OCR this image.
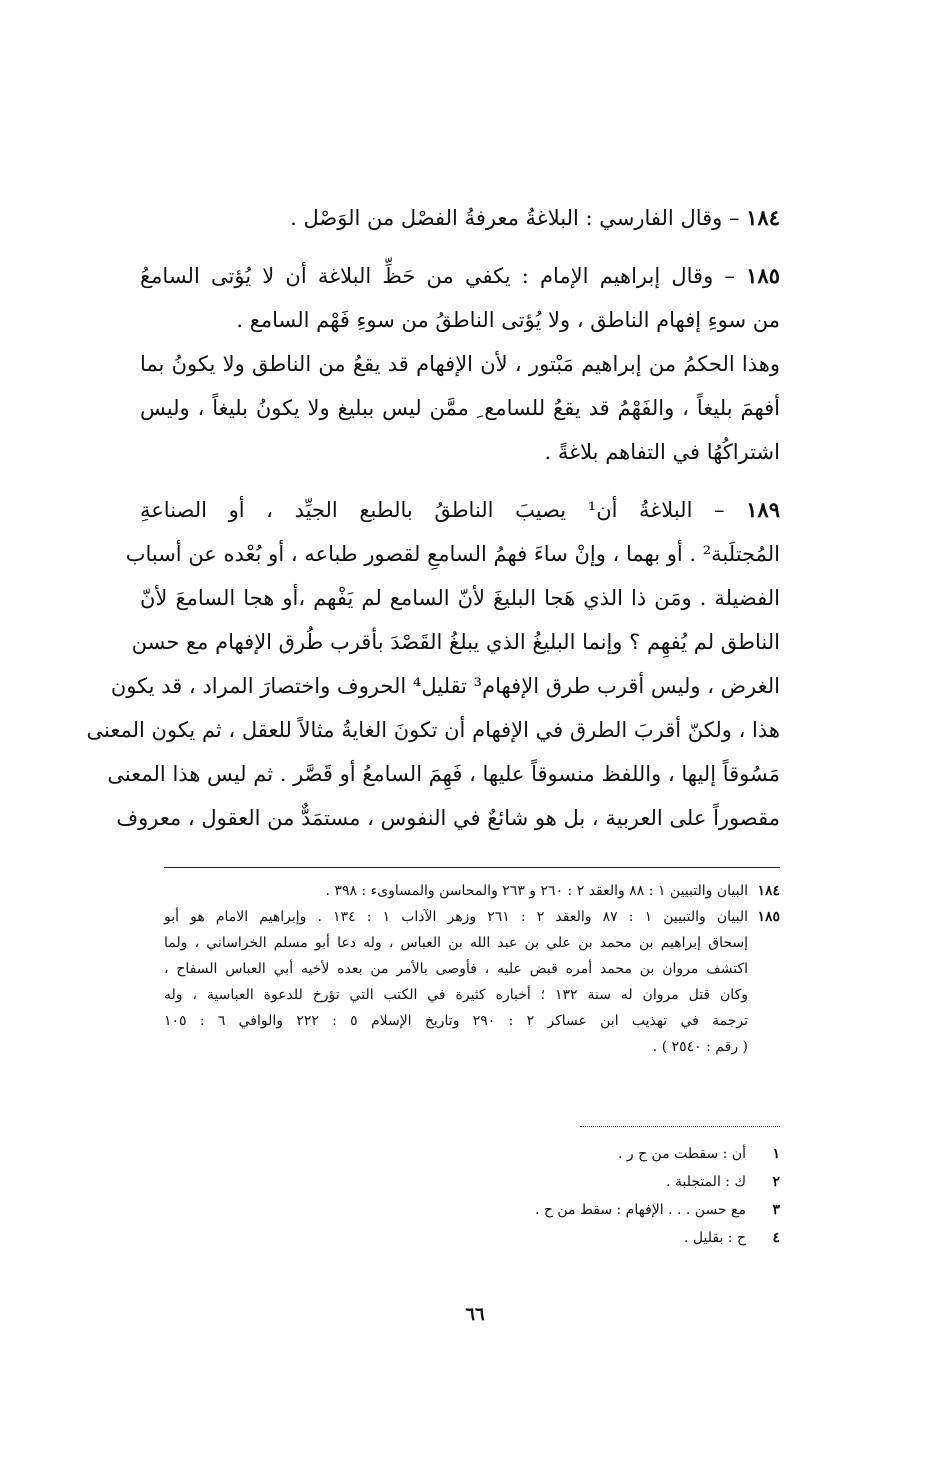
١٨٤ – وقال الفارسي : البلاغةُ معرفةُ الفصْل من الوَصْل .
١٨٥ – وقال إبراهيم الإمام : يكفي من حَظِّ البلاغة أن لا يُؤتى السامعُ
من سوءِ إفهام الناطق ، ولا يُؤتى الناطقُ من سوءِ فَهْم السامع .
وهذا الحكمُ من إبراهيم مَبْتور ، لأن الإفهام قد يقعُ من الناطق ولا يكونُ بما
أفهمَ بليغاً ، والفَهْمُ قد يقعُ للسامع ِ ممَّن ليس ببليغ ولا يكونُ بليغاً ، وليس
اشتراكُهُا في التفاهم بلاغةً .
١٨٩ – البلاغةُ أن¹ يصيبَ الناطقُ بالطبع الجيِّد ، أو الصناعةِ
المُجتلَبة² . أو بهما ، وإنْ ساءَ فهمُ السامعِ لقصور طباعه ، أو بُعْده عن أسباب
الفضيلة . ومَن ذا الذي هَجا البليغَ لأنّ السامع لم يَفْهم ،أو هجا السامعَ لأنّ
الناطق لم يُفهِم ؟ وإنما البليغُ الذي يبلغُ القَصْدَ بأقرب طُرق الإفهام مع حسن
الغرض ، وليس أقرب طرق الإفهام³ تقليل⁴ الحروف واختصارَ المراد ، قد يكون
هذا ، ولكنّ أقربَ الطرق في الإفهام أن تكونَ الغايةُ مثالاً للعقل ، ثم يكون المعنى
مَسُوقاً إليها ، واللفظ منسوقاً عليها ، فَهِمَ السامعُ أو قَصَّر . ثم ليس هذا المعنى
مقصوراً على العربية ، بل هو شائعٌ في النفوس ، مستمَدٌّ من العقول ، معروف
١٨٤البيان والتبيين ١ : ٨٨ والعقد ٢ : ٢٦٠ و ٢٦٣ والمحاسن والمساوىء : ٣٩٨ .
١٨٥البيان والتبيين ١ : ٨٧ والعقد ٢ : ٢٦١ وزهر الآداب ١ : ١٣٤ . وإبراهيم الامام هو أبو
إسحاق إبراهيم بن محمد بن علي بن عبد الله بن العباس ، وله دعا أبو مسلم الخراساني ، ولما
اكتشف مروان بن محمد أمره قبض عليه ، فأوصى بالأمر من بعده لأخيه أبي العباس السفاح ،
وكان قتل مروان له سنة ١٣٢ ؛ أخباره كثيرة في الكتب التي تؤرخ للدعوة العباسية ، وله
ترجمة في تهذيب ابن عساكر ٢ : ٢٩٠ وتاريخ الإسلام ٥ : ٢٢٢ والوافي ٦ : ١٠٥
( رقم : ٢٥٤٠ ) .
١أن : سقطت من ح ر .
٢ك : المتجلبة .
٣مع حسن . . . الإفهام : سقط من ح .
٤ح : بقليل .
٦٦
